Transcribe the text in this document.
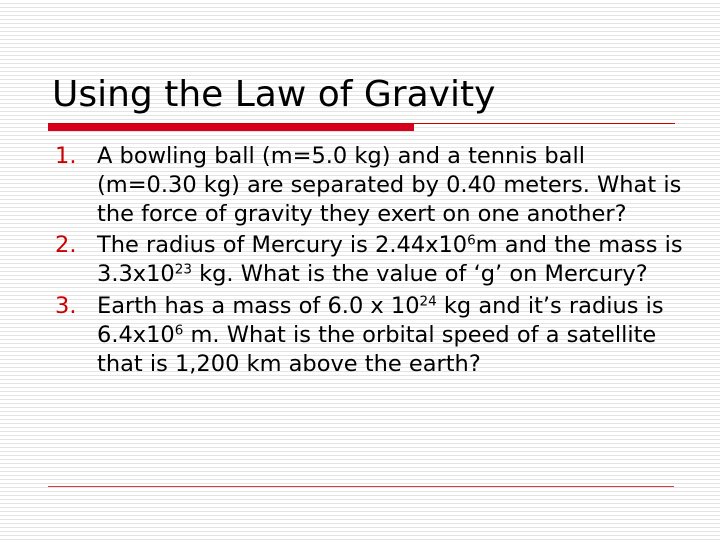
Using the Law of Gravity
1. A bowling ball (m=5.0 kg) and a tennis ball (m=0.30 kg) are separated by 0.40 meters. What is the force of gravity they exert on one another?
2. The radius of Mercury is $2.44x10^6m$ and the mass is $3.3x10^{23}$ kg. What is the value of ‘g’ on Mercury?
3. Earth has a mass of 6.0 x $10^{24}$ kg and it’s radius is $6.4x10^6$ m. What is the orbital speed of a satellite that is 1,200 km above the earth?
